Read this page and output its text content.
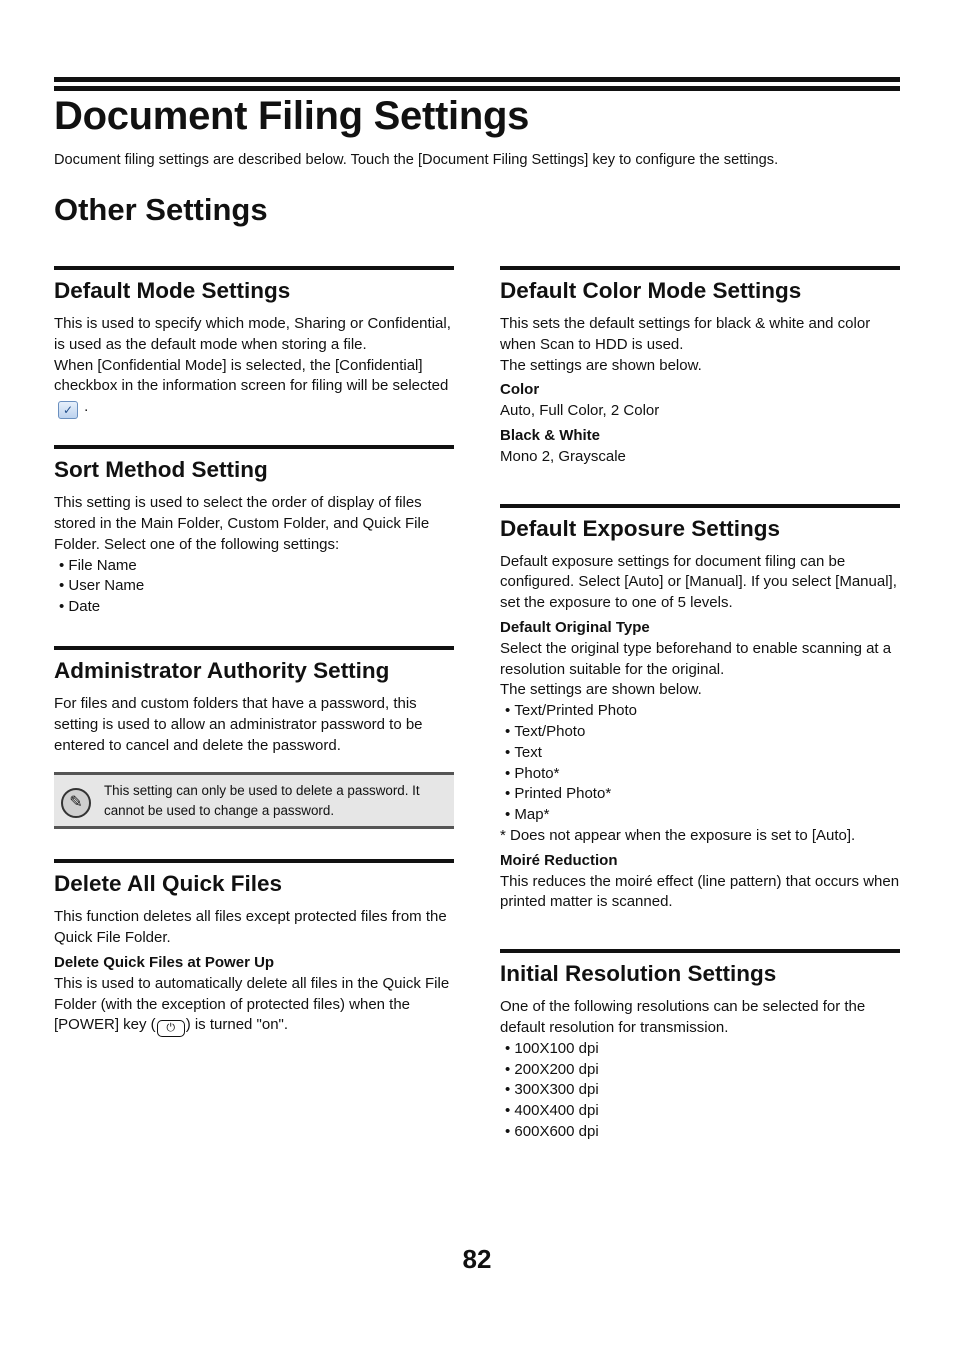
Document Filing Settings

Document filing settings are described below. Touch the [Document Filing Settings] key to configure the settings.

Other Settings
Default Mode Settings

This is used to specify which mode, Sharing or Confidential, is used as the default mode when storing a file.

When [Confidential Mode] is selected, the [Confidential] checkbox in the information screen for filing will be selected✓ .

Sort Method Setting

This setting is used to select the order of display of files stored in the Main Folder, Custom Folder, and Quick File Folder. Select one of the following settings:

• File Name
• User Name
• Date
Administrator Authority Setting

For files and custom folders that have a password, this setting is used to allow an administrator password to be entered to cancel and delete the password.

✎
This setting can only be used to delete a password. It cannot be used to change a password.
Delete All Quick Files

This function deletes all files except protected files from the Quick File Folder.

Delete Quick Files at Power Up

This is used to automatically delete all files in the Quick File Folder (with the exception of protected files) when the [POWER] key ( ⏻ ) is turned "on".

Default Color Mode Settings

This sets the default settings for black & white and color when Scan to HDD is used.

The settings are shown below.

Color

Auto, Full Color, 2 Color

Black & White

Mono 2, Grayscale

Default Exposure Settings

Default exposure settings for document filing can be configured. Select [Auto] or [Manual]. If you select [Manual], set the exposure to one of 5 levels.

Default Original Type

Select the original type beforehand to enable scanning at a resolution suitable for the original.

The settings are shown below.

• Text/Printed Photo
• Text/Photo
• Text
• Photo*
• Printed Photo*
• Map*

* Does not appear when the exposure is set to [Auto].

Moiré Reduction

This reduces the moiré effect (line pattern) that occurs when printed matter is scanned.

Initial Resolution Settings

One of the following resolutions can be selected for the default resolution for transmission.

• 100X100 dpi
• 200X200 dpi
• 300X300 dpi
• 400X400 dpi
• 600X600 dpi

82
